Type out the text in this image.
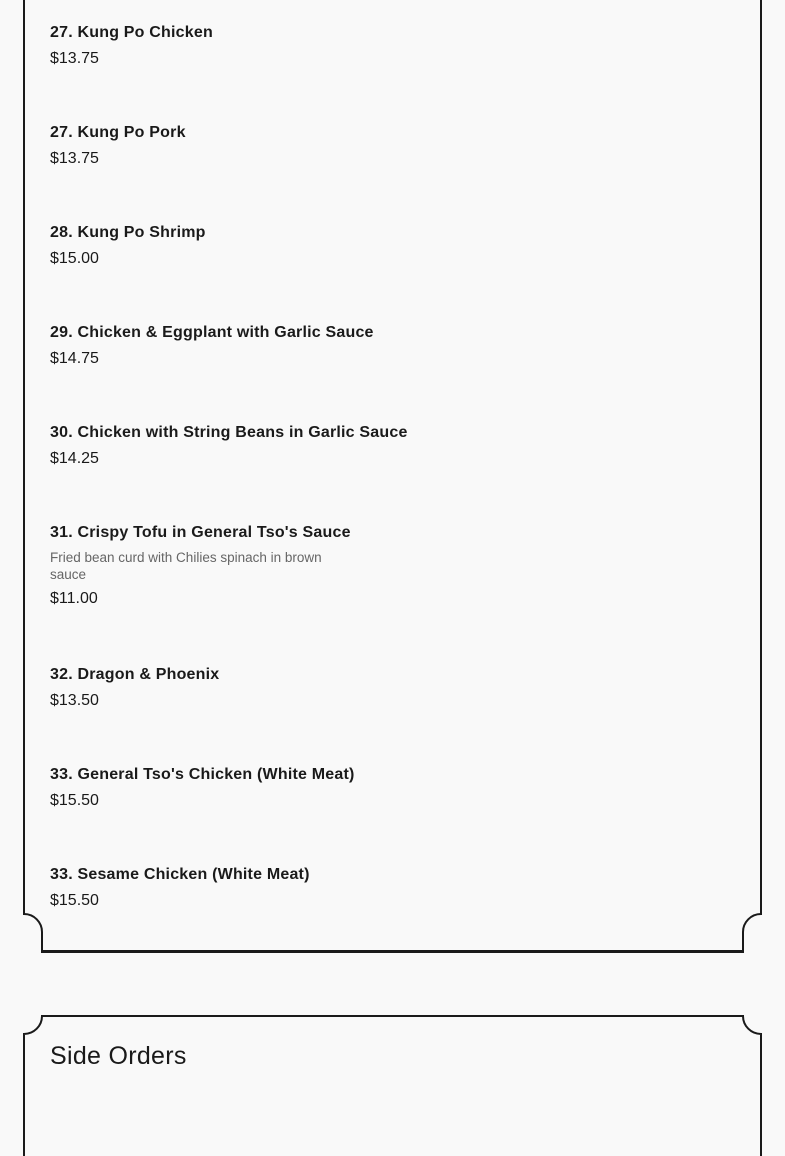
27. Kung Po Chicken
$13.75
27. Kung Po Pork
$13.75
28. Kung Po Shrimp
$15.00
29. Chicken & Eggplant with Garlic Sauce
$14.75
30. Chicken with String Beans in Garlic Sauce
$14.25
31. Crispy Tofu in General Tso's Sauce
Fried bean curd with Chilies spinach in brown sauce
$11.00
32. Dragon & Phoenix
$13.50
33. General Tso's Chicken (White Meat)
$15.50
33. Sesame Chicken (White Meat)
$15.50
Side Orders
